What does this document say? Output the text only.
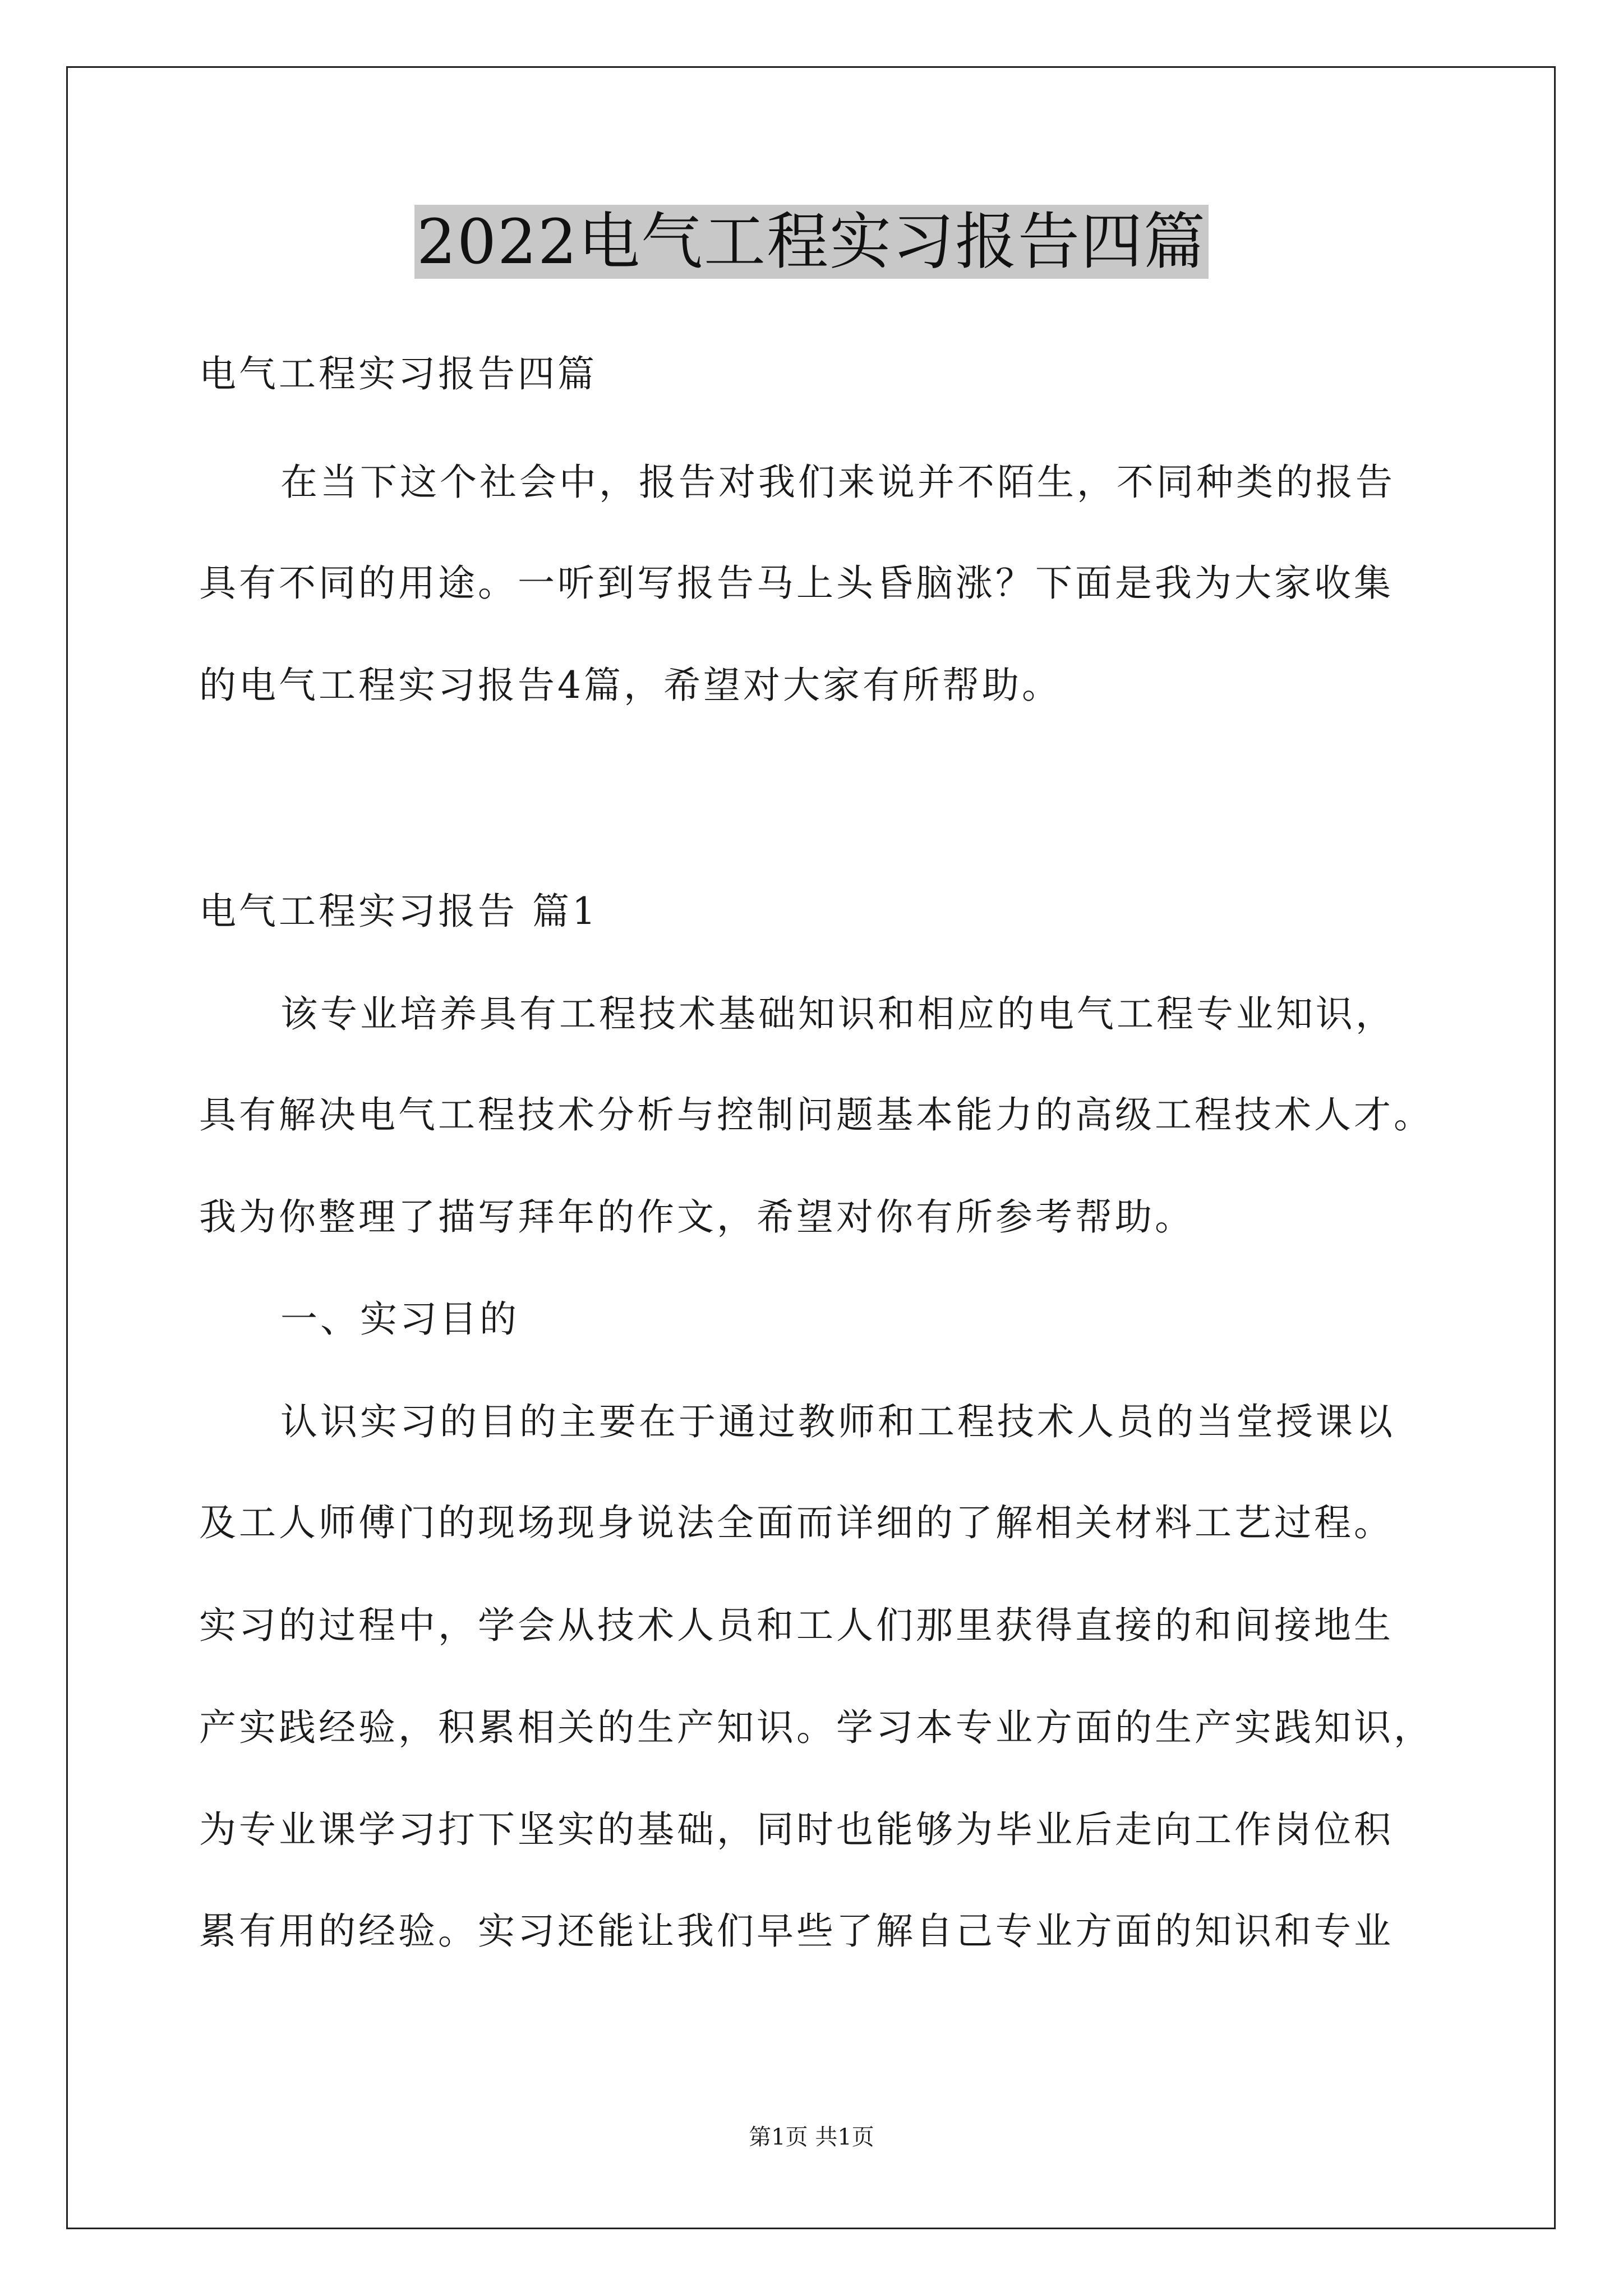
2022电气工程实习报告四篇
电气工程实习报告四篇
在当下这个社会中，报告对我们来说并不陌生，不同种类的报告
具有不同的用途。一听到写报告马上头昏脑涨？下面是我为大家收集
的电气工程实习报告4篇，希望对大家有所帮助。
电气工程实习报告 篇1
该专业培养具有工程技术基础知识和相应的电气工程专业知识，
具有解决电气工程技术分析与控制问题基本能力的高级工程技术人才。
我为你整理了描写拜年的作文，希望对你有所参考帮助。
一、实习目的
认识实习的目的主要在于通过教师和工程技术人员的当堂授课以
及工人师傅门的现场现身说法全面而详细的了解相关材料工艺过程。
实习的过程中，学会从技术人员和工人们那里获得直接的和间接地生
产实践经验，积累相关的生产知识。学习本专业方面的生产实践知识，
为专业课学习打下坚实的基础，同时也能够为毕业后走向工作岗位积
累有用的经验。实习还能让我们早些了解自己专业方面的知识和专业
第1页 共1页
